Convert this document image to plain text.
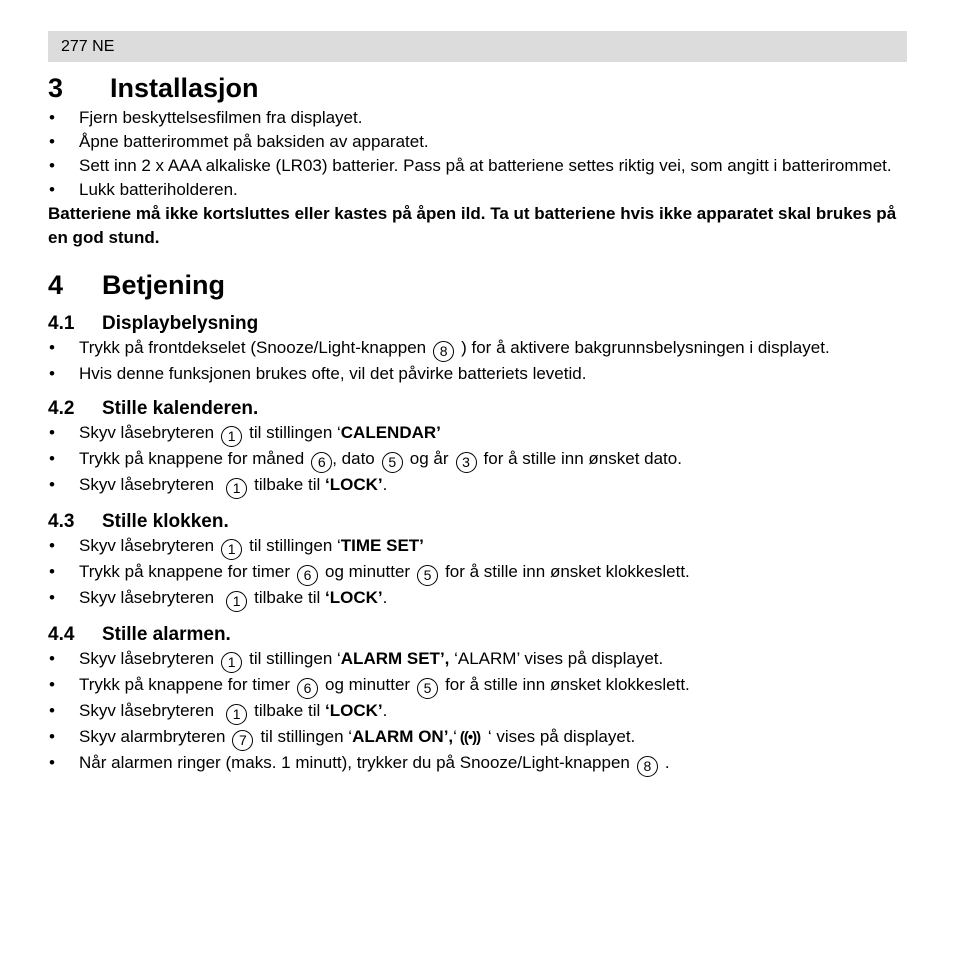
277 NE
3	Installasjon
• Fjern beskyttelsesfilmen fra displayet.
• Åpne batterirommet på baksiden av apparatet.
• Sett inn 2 x AAA alkaliske (LR03) batterier. Pass på at batteriene settes riktig vei, som angitt i batterirommet.
• Lukk batteriholderen.

Batteriene må ikke kortsluttes eller kastes på åpen ild. Ta ut batteriene hvis ikke apparatet skal brukes på en god stund.

4	Betjening
4.1	Displaybelysning
• Trykk på frontdekselet (Snooze/Light-knappen 8 ) for å aktivere bakgrunnsbelysningen i displayet.
• Hvis denne funksjonen brukes ofte, vil det påvirke batteriets levetid.
4.2	Stille kalenderen.
• Skyv låsebryteren 1 til stillingen ‘CALENDAR’
• Trykk på knappene for måned 6 , dato 5 og år 3 for å stille inn ønsket dato.
• Skyv låsebryteren 1 tilbake til ‘LOCK’.
4.3	Stille klokken.
• Skyv låsebryteren 1 til stillingen ‘TIME SET’
• Trykk på knappene for timer 6 og minutter 5 for å stille inn ønsket klokkeslett.
• Skyv låsebryteren 1 tilbake til ‘LOCK’.
4.4	Stille alarmen.
• Skyv låsebryteren 1 til stillingen ‘ALARM SET’, ‘ALARM’ vises på displayet.
• Trykk på knappene for timer 6 og minutter 5 for å stille inn ønsket klokkeslett.
• Skyv låsebryteren 1 tilbake til ‘LOCK’.
• Skyv alarmbryteren 7 til stillingen ‘ALARM ON’,‘ ((•)) ‘ vises på displayet.
• Når alarmen ringer (maks. 1 minutt), trykker du på Snooze/Light-knappen 8 .
